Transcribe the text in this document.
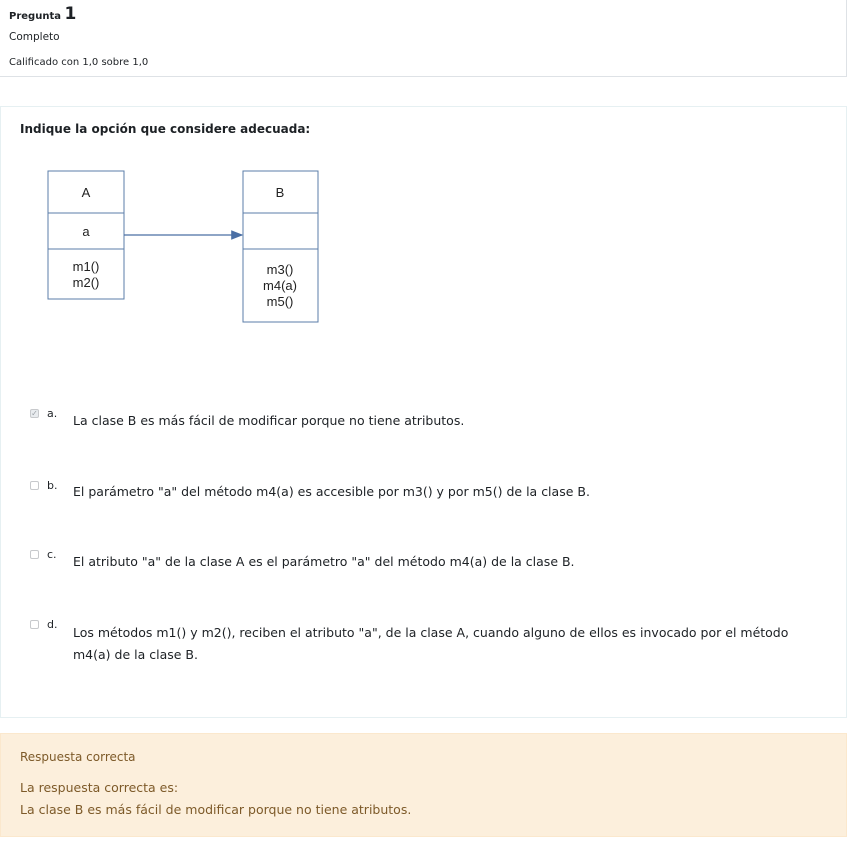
Pregunta 1
Completo
Calificado con 1,0 sobre 1,0
Indique la opción que considere adecuada:
A
a
m1()
m2()
B
m3()
m4(a)
m5()
✓ a. La clase B es más fácil de modificar porque no tiene atributos.
b. El parámetro "a" del método m4(a) es accesible por m3() y por m5() de la clase B.
c. El atributo "a" de la clase A es el parámetro "a" del método m4(a) de la clase B.
d.
Los métodos m1() y m2(), reciben el atributo "a", de la clase A, cuando alguno de ellos es invocado por el método m4(a) de la clase B.
Respuesta correcta
La respuesta correcta es:
La clase B es más fácil de modificar porque no tiene atributos.
